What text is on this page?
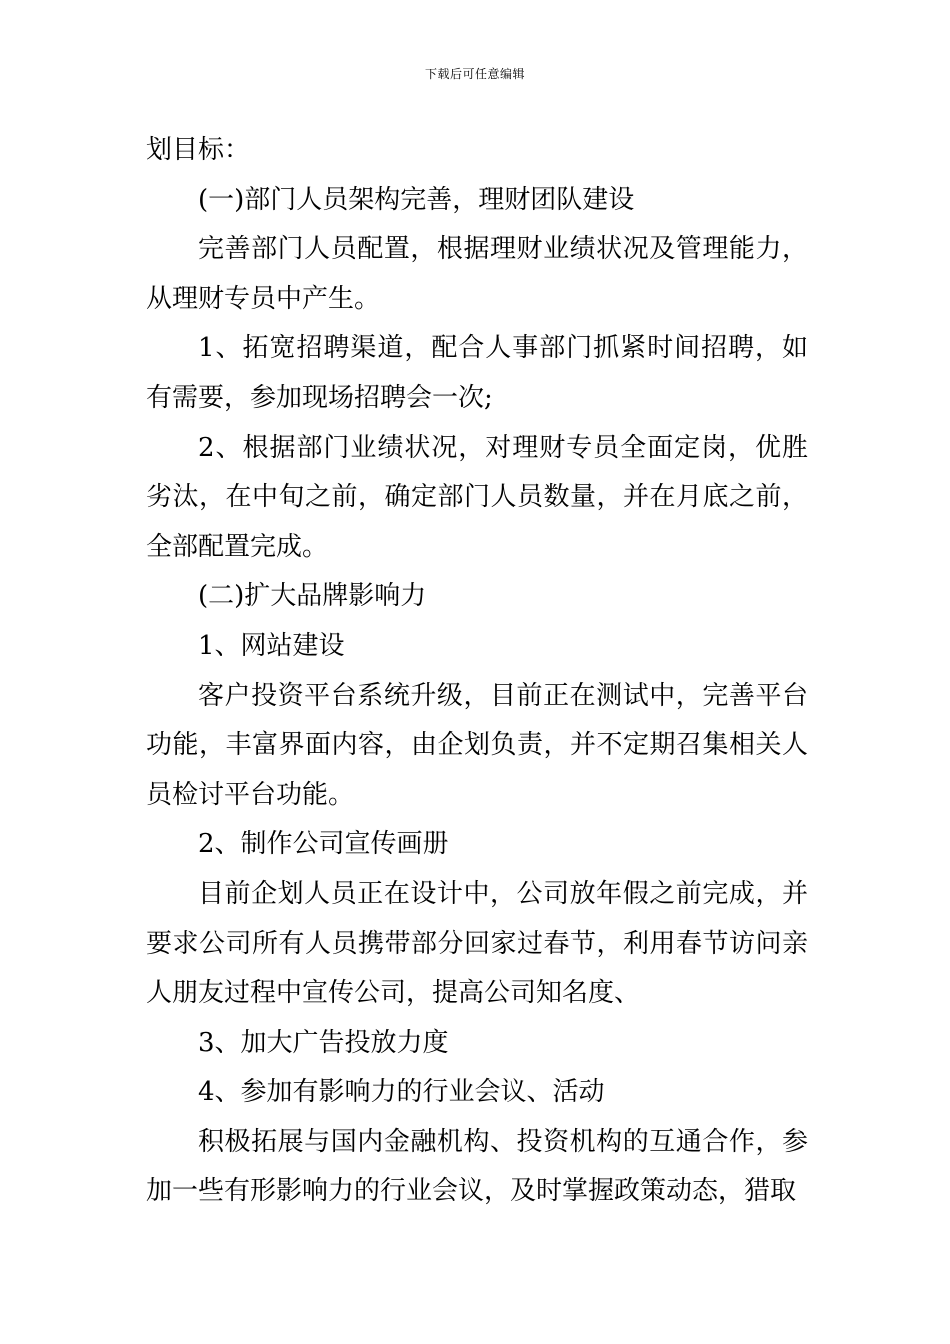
下载后可任意编辑

划目标：

(一)部门人员架构完善，理财团队建设

完善部门人员配置，根据理财业绩状况及管理能力，从理财专员中产生。

1、拓宽招聘渠道，配合人事部门抓紧时间招聘，如有需要，参加现场招聘会一次;

2、根据部门业绩状况，对理财专员全面定岗，优胜劣汰，在中旬之前，确定部门人员数量，并在月底之前，全部配置完成。

(二)扩大品牌影响力

1、网站建设

客户投资平台系统升级，目前正在测试中，完善平台功能，丰富界面内容，由企划负责，并不定期召集相关人员检讨平台功能。

2、制作公司宣传画册

目前企划人员正在设计中，公司放年假之前完成，并要求公司所有人员携带部分回家过春节，利用春节访问亲人朋友过程中宣传公司，提高公司知名度、

3、加大广告投放力度

4、参加有影响力的行业会议、活动

积极拓展与国内金融机构、投资机构的互通合作，参加一些有形影响力的行业会议，及时掌握政策动态，猎取
